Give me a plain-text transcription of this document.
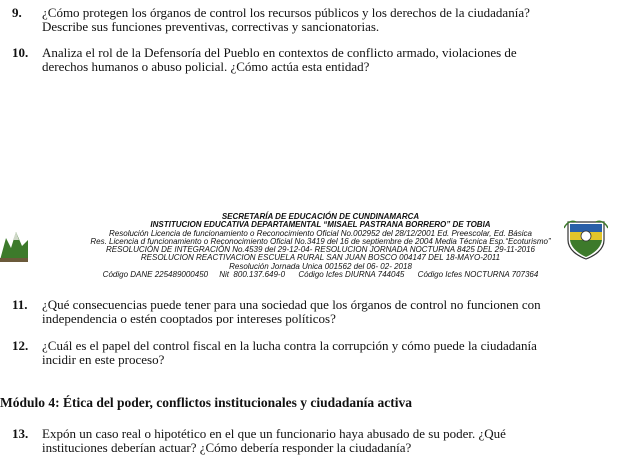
9. ¿Cómo protegen los órganos de control los recursos públicos y los derechos de la ciudadanía?
Describe sus funciones preventivas, correctivas y sancionatorias.
10. Analiza el rol de la Defensoría del Pueblo en contextos de conflicto armado, violaciones de
derechos humanos o abuso policial. ¿Cómo actúa esta entidad?
SECRETARÍA DE EDUCACIÓN DE CUNDINAMARCA
INSTITUCION EDUCATIVA DEPARTAMENTAL “MISAEL PASTRANA BORRERO” DE TOBIA
Resolución Licencia de funcionamiento o Reconocimiento Oficial No.002952 del 28/12/2001 Ed. Preescolar, Ed. Básica
Res. Licencia d funcionamiento o Reconocimiento Oficial No.3419 del 16 de septiembre de 2004 Media Técnica Esp.“Ecoturismo”
RESOLUCIÓN DE INTEGRACIÓN No.4539 del 29-12-04- RESOLUCION JORNADA NOCTURNA 8425 DEL 29-11-2016
RESOLUCION REACTIVACION ESCUELA RURAL SAN JUAN BOSCO 004147 DEL 18-MAYO-2011
Resolución Jornada Unica 001562 del 06- 02- 2018
Código DANE 225489000450     Nit  800.137.649-0      Código Icfes DIURNA 744045      Código Icfes NOCTURNA 707364
11. ¿Qué consecuencias puede tener para una sociedad que los órganos de control no funcionen con
independencia o estén cooptados por intereses políticos?
12. ¿Cuál es el papel del control fiscal en la lucha contra la corrupción y cómo puede la ciudadanía
incidir en este proceso?
Módulo 4: Ética del poder, conflictos institucionales y ciudadanía activa
13. Expón un caso real o hipotético en el que un funcionario haya abusado de su poder. ¿Qué
instituciones deberían actuar? ¿Cómo debería responder la ciudadanía?
